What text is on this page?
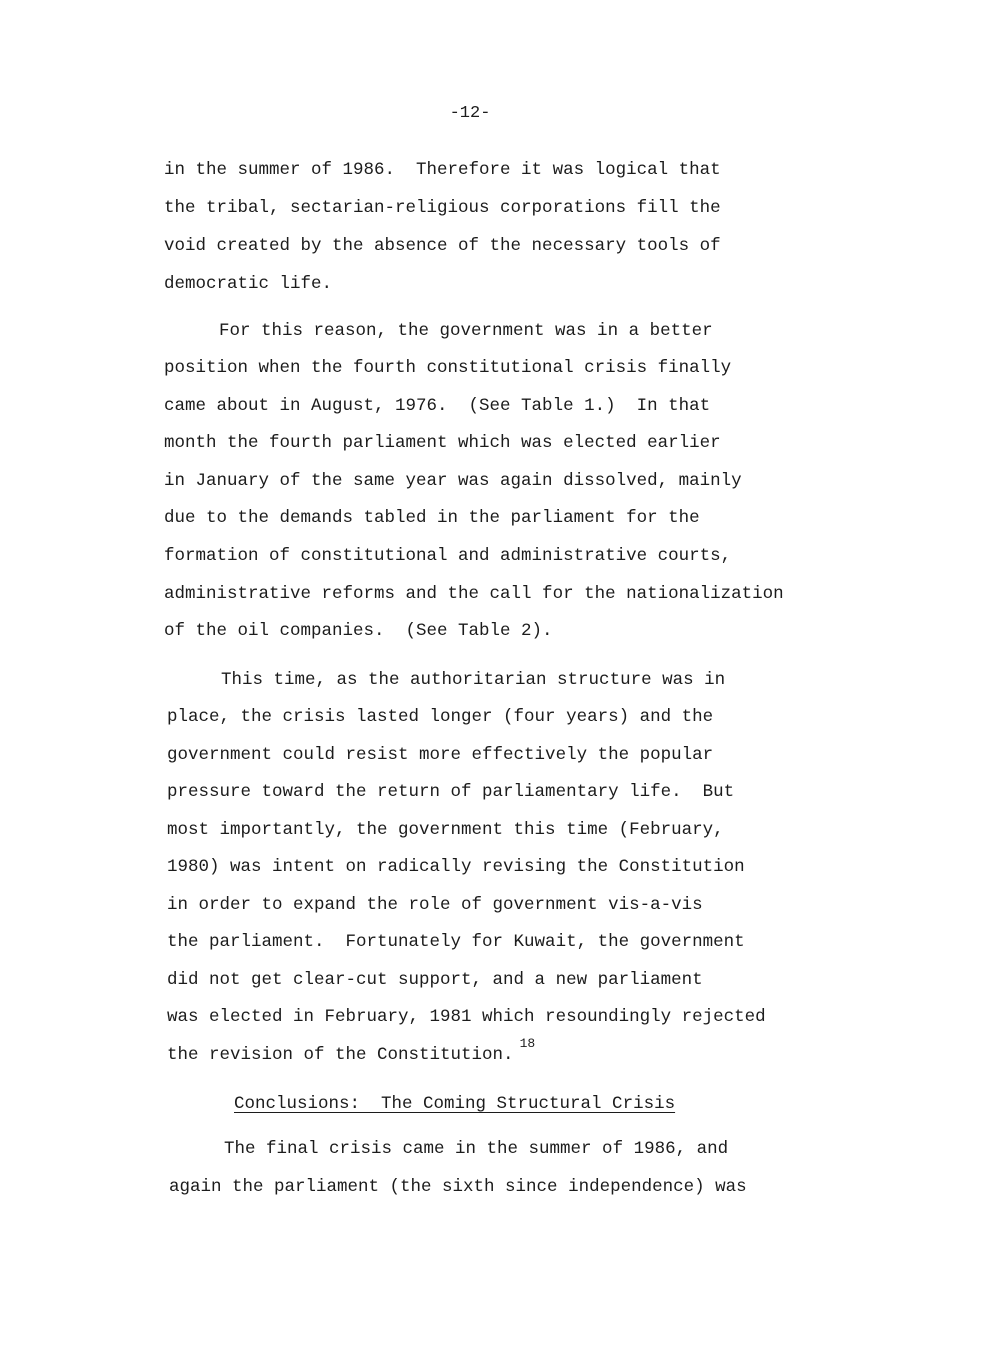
-12-
in the summer of 1986.  Therefore it was logical that
the tribal, sectarian-religious corporations fill the
void created by the absence of the necessary tools of
democratic life.
For this reason, the government was in a better
position when the fourth constitutional crisis finally
came about in August, 1976.  (See Table 1.)  In that
month the fourth parliament which was elected earlier
in January of the same year was again dissolved, mainly
due to the demands tabled in the parliament for the
formation of constitutional and administrative courts,
administrative reforms and the call for the nationalization
of the oil companies.  (See Table 2).
This time, as the authoritarian structure was in
place, the crisis lasted longer (four years) and the
government could resist more effectively the popular
pressure toward the return of parliamentary life.  But
most importantly, the government this time (February,
1980) was intent on radically revising the Constitution
in order to expand the role of government vis-a-vis
the parliament.  Fortunately for Kuwait, the government
did not get clear-cut support, and a new parliament
was elected in February, 1981 which resoundingly rejected
the revision of the Constitution.$^{18}$
Conclusions:  The Coming Structural Crisis
The final crisis came in the summer of 1986, and
again the parliament (the sixth since independence) was
